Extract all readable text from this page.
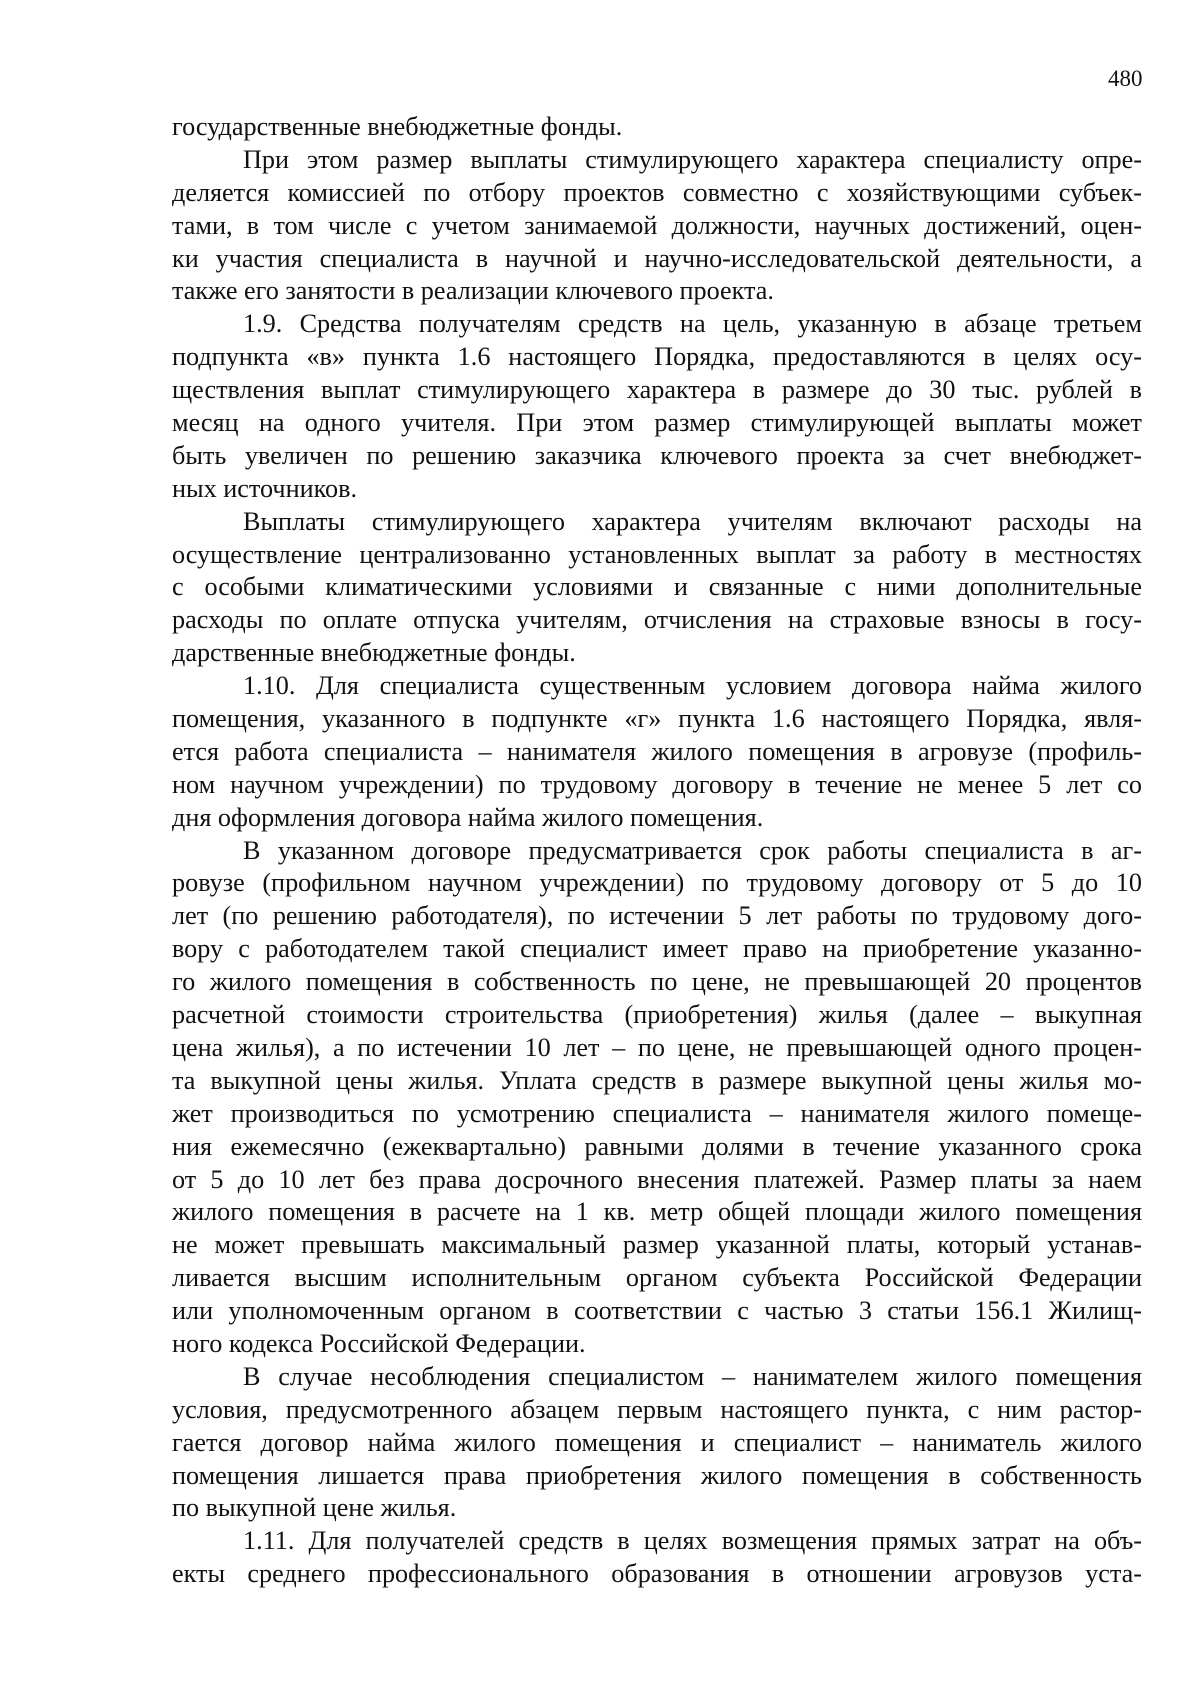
480
государственные внебюджетные фонды.
При этом размер выплаты стимулирующего характера специалисту опре-
деляется комиссией по отбору проектов совместно с хозяйствующими субъек-
тами, в том числе с учетом занимаемой должности, научных достижений, оцен-
ки участия специалиста в научной и научно-исследовательской деятельности, а
также его занятости в реализации ключевого проекта.
1.9. Средства получателям средств на цель, указанную в абзаце третьем
подпункта «в» пункта 1.6 настоящего Порядка, предоставляются в целях осу-
ществления выплат стимулирующего характера в размере до 30 тыс. рублей в
месяц на одного учителя. При этом размер стимулирующей выплаты может
быть увеличен по решению заказчика ключевого проекта за счет внебюджет-
ных источников.
Выплаты стимулирующего характера учителям включают расходы на
осуществление централизованно установленных выплат за работу в местностях
с особыми климатическими условиями и связанные с ними дополнительные
расходы по оплате отпуска учителям, отчисления на страховые взносы в госу-
дарственные внебюджетные фонды.
1.10. Для специалиста существенным условием договора найма жилого
помещения, указанного в подпункте «г» пункта 1.6 настоящего Порядка, явля-
ется работа специалиста – нанимателя жилого помещения в агровузе (профиль-
ном научном учреждении) по трудовому договору в течение не менее 5 лет со
дня оформления договора найма жилого помещения.
В указанном договоре предусматривается срок работы специалиста в аг-
ровузе (профильном научном учреждении) по трудовому договору от 5 до 10
лет (по решению работодателя), по истечении 5 лет работы по трудовому дого-
вору с работодателем такой специалист имеет право на приобретение указанно-
го жилого помещения в собственность по цене, не превышающей 20 процентов
расчетной стоимости строительства (приобретения) жилья (далее – выкупная
цена жилья), а по истечении 10 лет – по цене, не превышающей одного процен-
та выкупной цены жилья. Уплата средств в размере выкупной цены жилья мо-
жет производиться по усмотрению специалиста – нанимателя жилого помеще-
ния ежемесячно (ежеквартально) равными долями в течение указанного срока
от 5 до 10 лет без права досрочного внесения платежей. Размер платы за наем
жилого помещения в расчете на 1 кв. метр общей площади жилого помещения
не может превышать максимальный размер указанной платы, который устанав-
ливается высшим исполнительным органом субъекта Российской Федерации
или уполномоченным органом в соответствии с частью 3 статьи 156.1 Жилищ-
ного кодекса Российской Федерации.
В случае несоблюдения специалистом – нанимателем жилого помещения
условия, предусмотренного абзацем первым настоящего пункта, с ним растор-
гается договор найма жилого помещения и специалист – наниматель жилого
помещения лишается права приобретения жилого помещения в собственность
по выкупной цене жилья.
1.11. Для получателей средств в целях возмещения прямых затрат на объ-
екты среднего профессионального образования в отношении агровузов уста-
